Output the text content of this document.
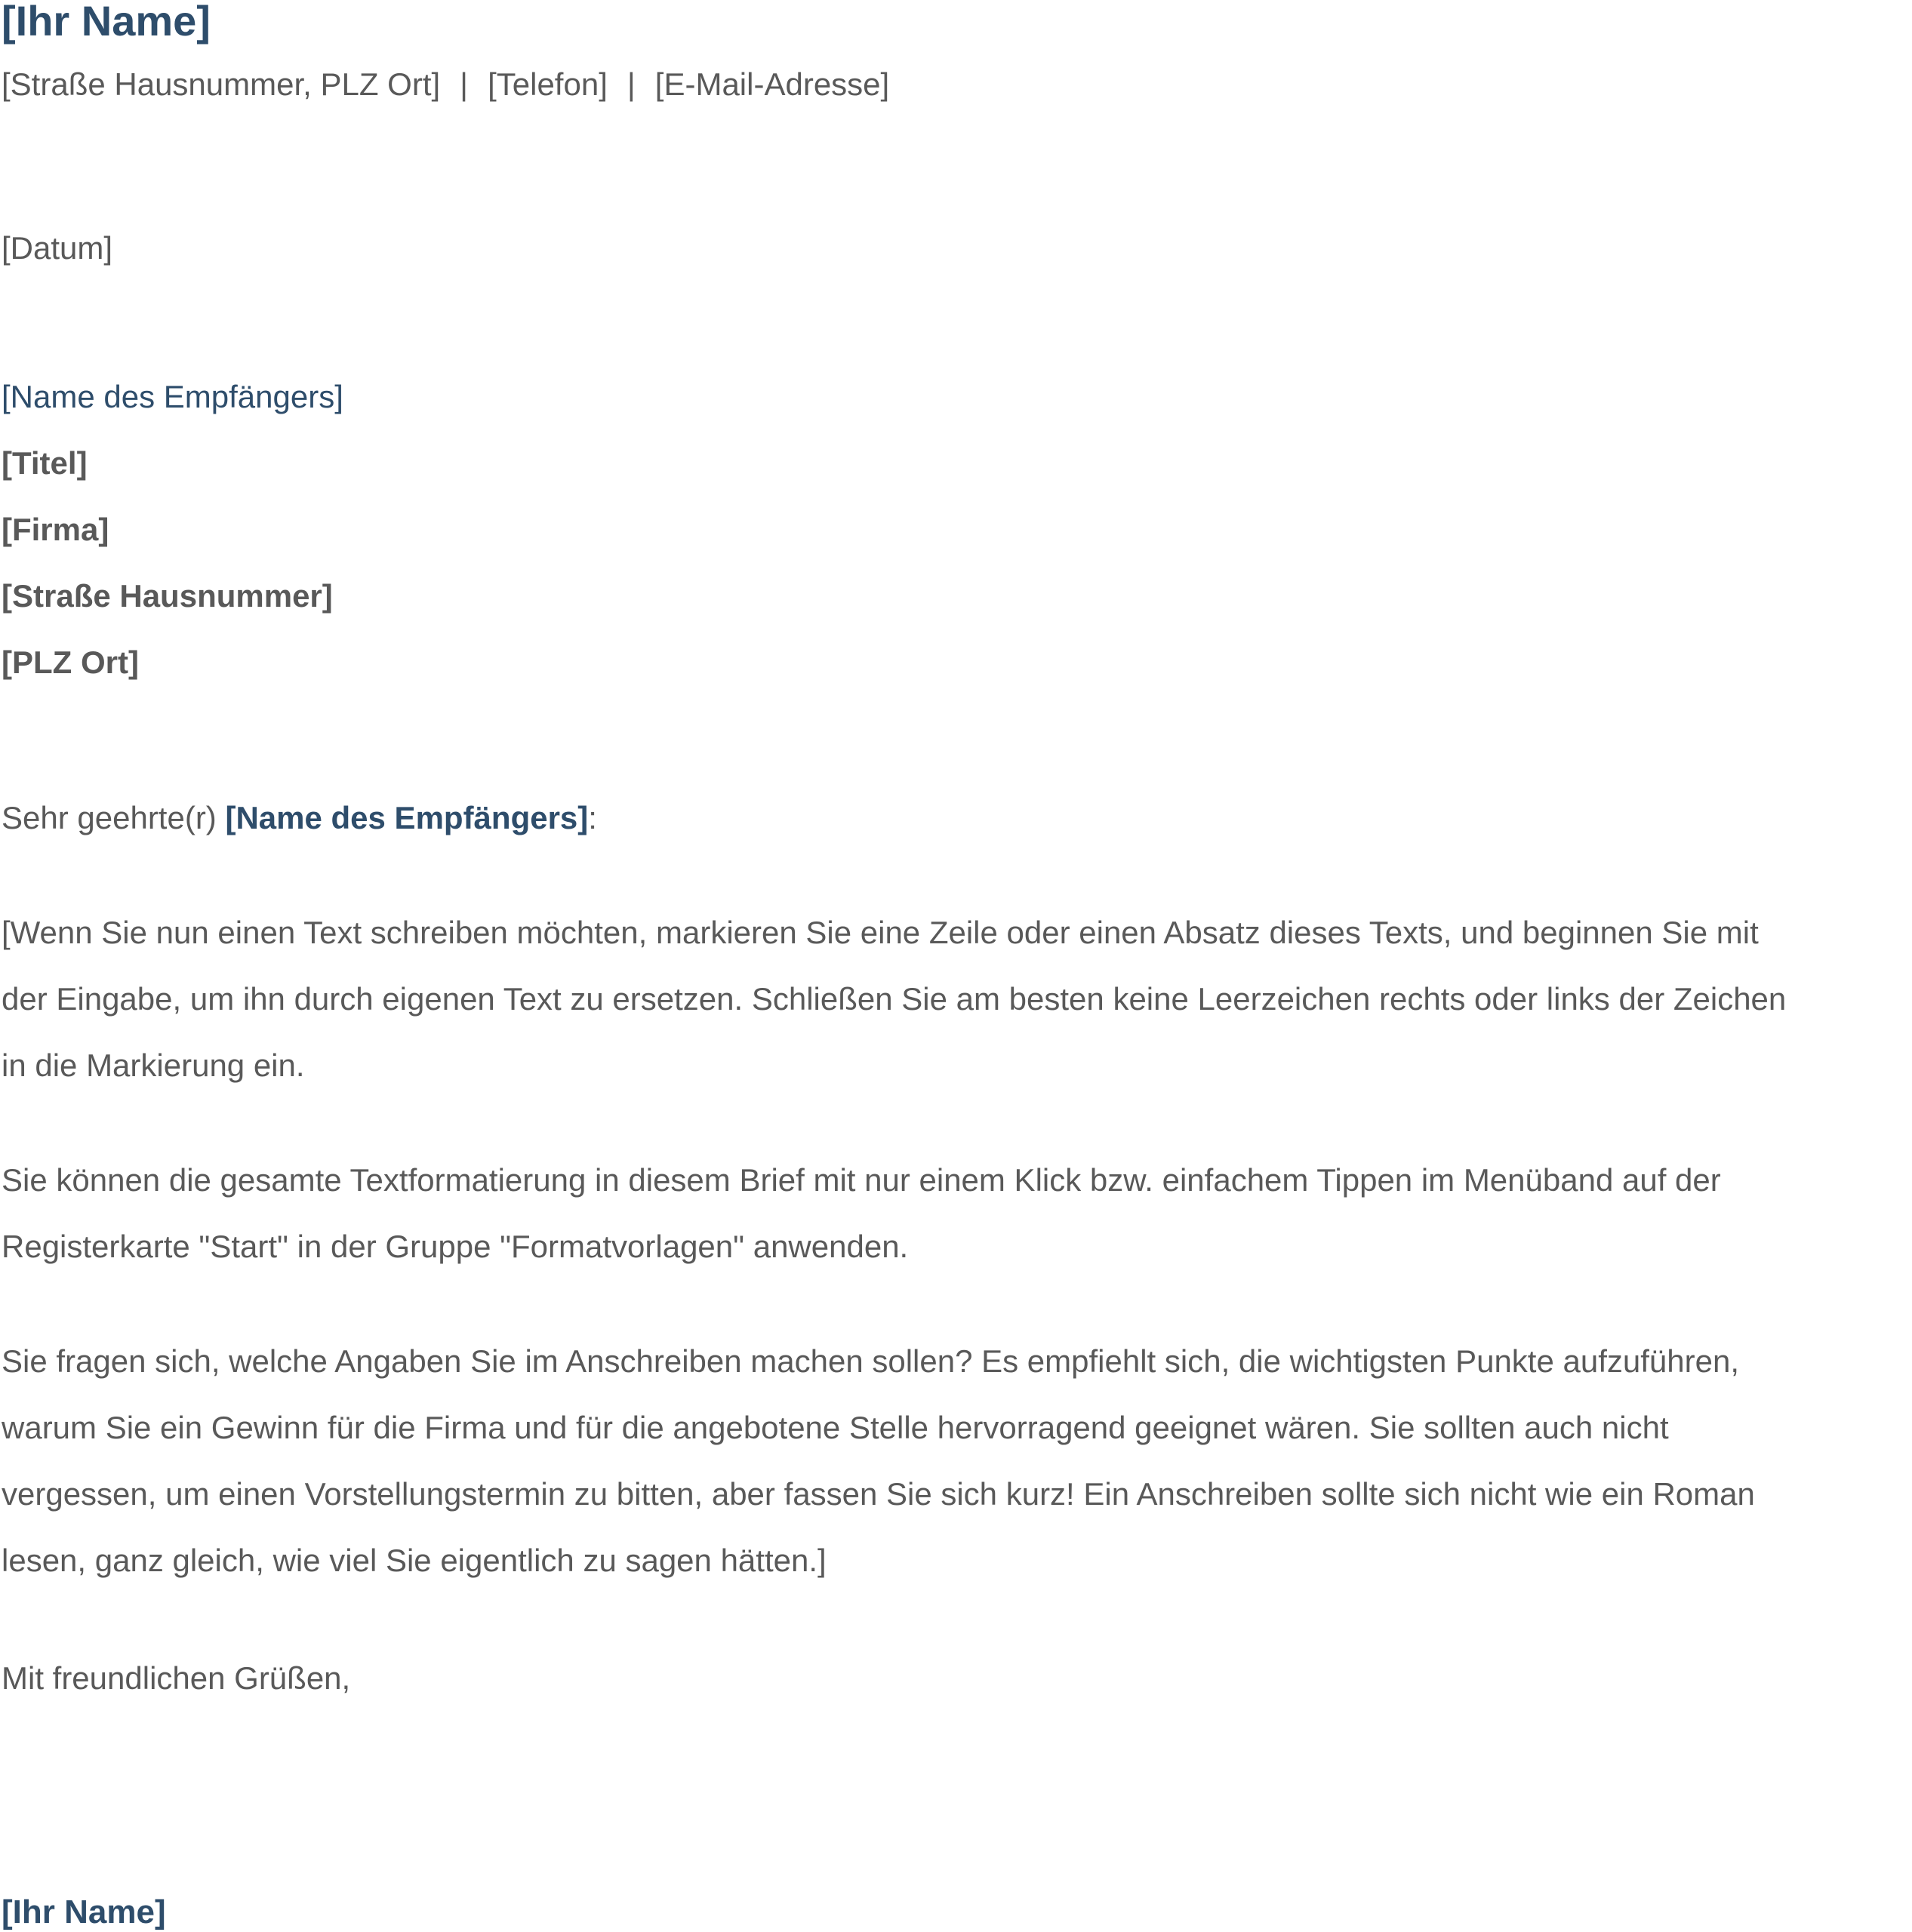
[Ihr Name]
[Straße Hausnummer, PLZ Ort] | [Telefon] | [E-Mail-Adresse]
[Datum]
[Name des Empfängers]
[Titel]
[Firma]
[Straße Hausnummer]
[PLZ Ort]
Sehr geehrte(r) [Name des Empfängers]:
[Wenn Sie nun einen Text schreiben möchten, markieren Sie eine Zeile oder einen Absatz dieses Texts, und beginnen Sie mit
der Eingabe, um ihn durch eigenen Text zu ersetzen. Schließen Sie am besten keine Leerzeichen rechts oder links der Zeichen
in die Markierung ein.
Sie können die gesamte Textformatierung in diesem Brief mit nur einem Klick bzw. einfachem Tippen im Menüband auf der
Registerkarte "Start" in der Gruppe "Formatvorlagen" anwenden.
Sie fragen sich, welche Angaben Sie im Anschreiben machen sollen? Es empfiehlt sich, die wichtigsten Punkte aufzuführen,
warum Sie ein Gewinn für die Firma und für die angebotene Stelle hervorragend geeignet wären. Sie sollten auch nicht
vergessen, um einen Vorstellungstermin zu bitten, aber fassen Sie sich kurz! Ein Anschreiben sollte sich nicht wie ein Roman
lesen, ganz gleich, wie viel Sie eigentlich zu sagen hätten.]
Mit freundlichen Grüßen,
[Ihr Name]
